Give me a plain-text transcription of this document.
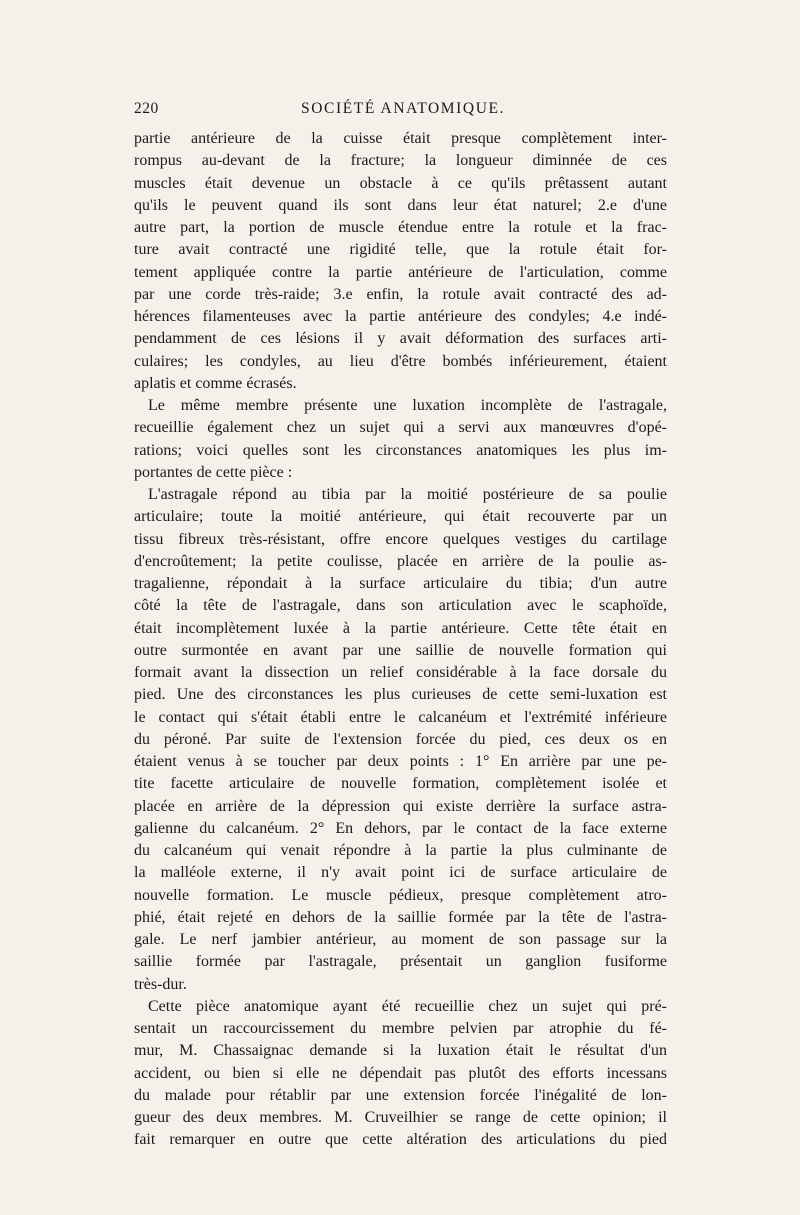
220	SOCIÉTÉ ANATOMIQUE.
partie antérieure de la cuisse était presque complètement inter-
rompus au-devant de la fracture; la longueur diminnée de ces
muscles était devenue un obstacle à ce qu'ils prêtassent autant
qu'ils le peuvent quand ils sont dans leur état naturel; 2.e d'une
autre part, la portion de muscle étendue entre la rotule et la frac-
ture avait contracté une rigidité telle, que la rotule était for-
tement appliquée contre la partie antérieure de l'articulation, comme
par une corde très-raide; 3.e enfin, la rotule avait contracté des ad-
hérences filamenteuses avec la partie antérieure des condyles; 4.e indé-
pendamment de ces lésions il y avait déformation des surfaces arti-
culaires; les condyles, au lieu d'être bombés inférieurement, étaient
aplatis et comme écrasés.
Le même membre présente une luxation incomplète de l'astragale,
recueillie également chez un sujet qui a servi aux manœuvres d'opé-
rations; voici quelles sont les circonstances anatomiques les plus im-
portantes de cette pièce :
L'astragale répond au tibia par la moitié postérieure de sa poulie
articulaire; toute la moitié antérieure, qui était recouverte par un
tissu fibreux très-résistant, offre encore quelques vestiges du cartilage
d'encroûtement; la petite coulisse, placée en arrière de la poulie as-
tragalienne, répondait à la surface articulaire du tibia; d'un autre
côté la tête de l'astragale, dans son articulation avec le scaphoïde,
était incomplètement luxée à la partie antérieure. Cette tête était en
outre surmontée en avant par une saillie de nouvelle formation qui
formait avant la dissection un relief considérable à la face dorsale du
pied. Une des circonstances les plus curieuses de cette semi-luxation est
le contact qui s'était établi entre le calcanéum et l'extrémité inférieure
du péroné. Par suite de l'extension forcée du pied, ces deux os en
étaient venus à se toucher par deux points : 1° En arrière par une pe-
tite facette articulaire de nouvelle formation, complètement isolée et
placée en arrière de la dépression qui existe derrière la surface astra-
galienne du calcanéum. 2° En dehors, par le contact de la face externe
du calcanéum qui venait répondre à la partie la plus culminante de
la malléole externe, il n'y avait point ici de surface articulaire de
nouvelle formation. Le muscle pédieux, presque complètement atro-
phié, était rejeté en dehors de la saillie formée par la tête de l'astra-
gale. Le nerf jambier antérieur, au moment de son passage sur la
saillie formée par l'astragale, présentait un ganglion fusiforme
très-dur.
Cette pièce anatomique ayant été recueillie chez un sujet qui pré-
sentait un raccourcissement du membre pelvien par atrophie du fé-
mur, M. Chassaignac demande si la luxation était le résultat d'un
accident, ou bien si elle ne dépendait pas plutôt des efforts incessans
du malade pour rétablir par une extension forcée l'inégalité de lon-
gueur des deux membres. M. Cruveilhier se range de cette opinion; il
fait remarquer en outre que cette altération des articulations du pied
